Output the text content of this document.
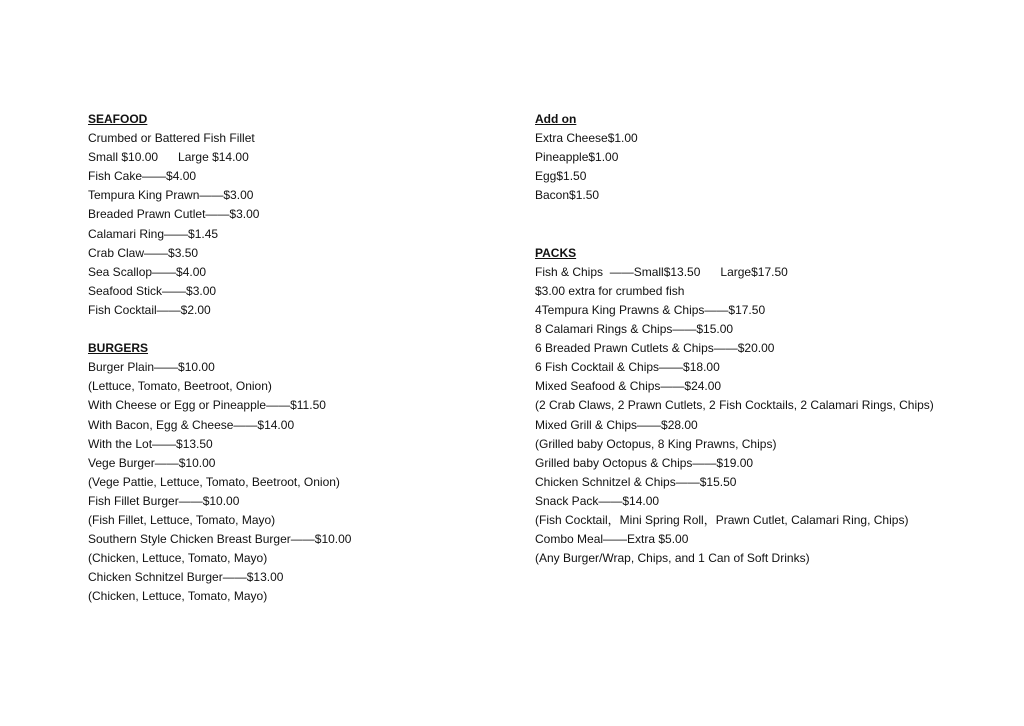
SEAFOOD
Crumbed or Battered Fish Fillet
Small $10.00      Large $14.00
Fish Cake——$4.00
Tempura King Prawn——$3.00
Breaded Prawn Cutlet——$3.00
Calamari Ring——$1.45
Crab Claw——$3.50
Sea Scallop——$4.00
Seafood Stick——$3.00
Fish Cocktail——$2.00
BURGERS
Burger Plain——$10.00
(Lettuce, Tomato, Beetroot, Onion)
With Cheese or Egg or Pineapple——$11.50
With Bacon, Egg & Cheese——$14.00
With the Lot——$13.50
Vege Burger——$10.00
(Vege Pattie, Lettuce, Tomato, Beetroot, Onion)
Fish Fillet Burger——$10.00
(Fish Fillet, Lettuce, Tomato, Mayo)
Southern Style Chicken Breast Burger——$10.00
(Chicken, Lettuce, Tomato, Mayo)
Chicken Schnitzel Burger——$13.00
(Chicken, Lettuce, Tomato, Mayo)
Add on
Extra Cheese$1.00
Pineapple$1.00
Egg$1.50
Bacon$1.50
PACKS
Fish & Chips  ——Small$13.50      Large$17.50
$3.00 extra for crumbed fish
4Tempura King Prawns & Chips——$17.50
8 Calamari Rings & Chips——$15.00
6 Breaded Prawn Cutlets & Chips——$20.00
6 Fish Cocktail & Chips——$18.00
Mixed Seafood & Chips——$24.00
(2 Crab Claws, 2 Prawn Cutlets, 2 Fish Cocktails, 2 Calamari Rings, Chips)
Mixed Grill & Chips——$28.00
(Grilled baby Octopus, 8 King Prawns, Chips)
Grilled baby Octopus & Chips——$19.00
Chicken Schnitzel & Chips——$15.50
Snack Pack——$14.00
(Fish Cocktail，Mini Spring Roll，Prawn Cutlet, Calamari Ring, Chips)
Combo Meal——Extra $5.00
(Any Burger/Wrap, Chips, and 1 Can of Soft Drinks)
